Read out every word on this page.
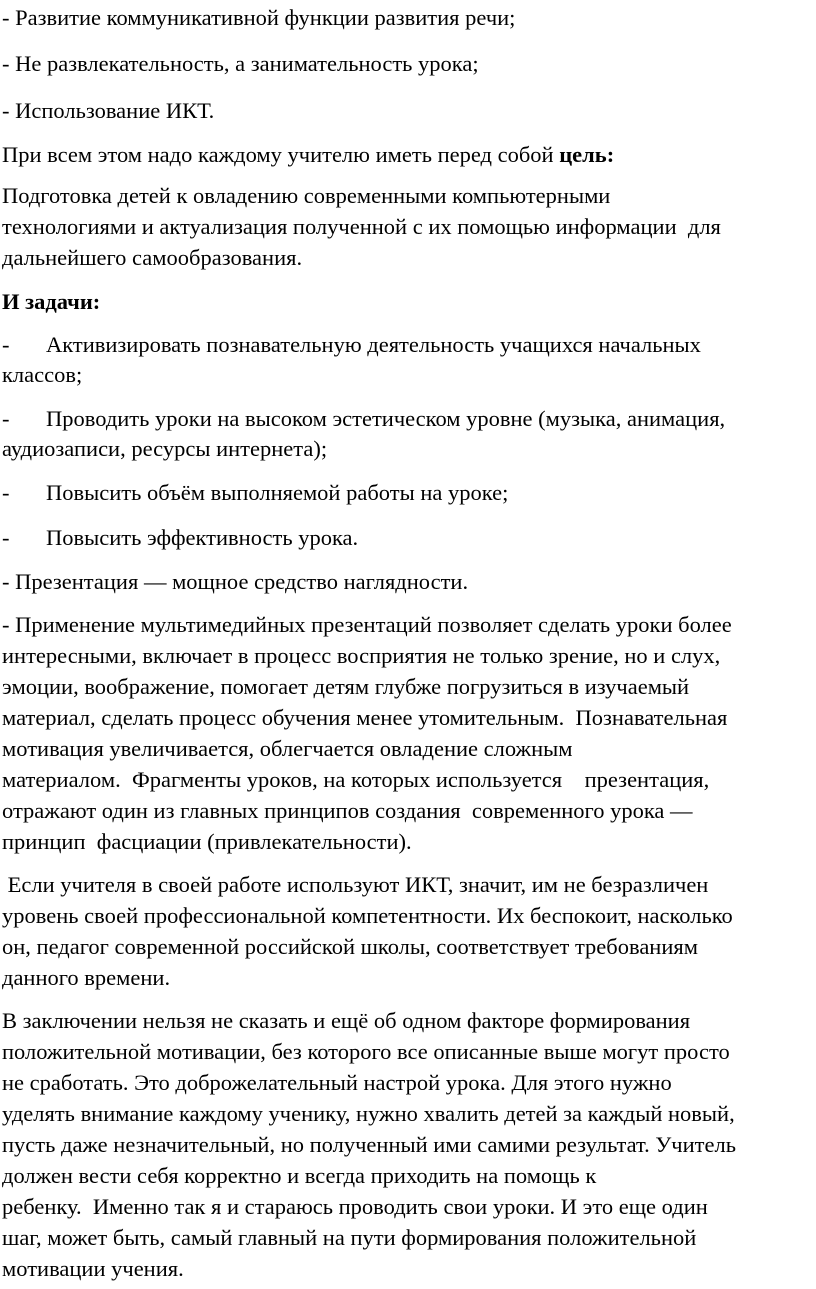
- Развитие коммуникативной функции развития речи;
- Не развлекательность, а занимательность урока;
- Использование ИКТ.
При всем этом надо каждому учителю иметь перед собой цель:
Подготовка детей к овладению современными компьютерными
технологиями и актуализация полученной с их помощью информации  для
дальнейшего самообразования.
И задачи:
- Активизировать познавательную деятельность учащихся начальных
классов;
- Проводить уроки на высоком эстетическом уровне (музыка, анимация,
аудиозаписи, ресурсы интернета);
- Повысить объём выполняемой работы на уроке;
- Повысить эффективность урока.
- Презентация — мощное средство наглядности.
- Применение мультимедийных презентаций позволяет сделать уроки более
интересными, включает в процесс восприятия не только зрение, но и слух,
эмоции, воображение, помогает детям глубже погрузиться в изучаемый
материал, сделать процесс обучения менее утомительным.  Познавательная
мотивация увеличивается, облегчается овладение сложным
материалом.  Фрагменты уроков, на которых используется    презентация,
отражают один из главных принципов создания  современного урока —
принцип  фасциации (привлекательности).
Если учителя в своей работе используют ИКТ, значит, им не безразличен
уровень своей профессиональной компетентности. Их беспокоит, насколько
он, педагог современной российской школы, соответствует требованиям
данного времени.
В заключении нельзя не сказать и ещё об одном факторе формирования
положительной мотивации, без которого все описанные выше могут просто
не сработать. Это доброжелательный настрой урока. Для этого нужно
уделять внимание каждому ученику, нужно хвалить детей за каждый новый,
пусть даже незначительный, но полученный ими самими результат. Учитель
должен вести себя корректно и всегда приходить на помощь к
ребенку.  Именно так я и стараюсь проводить свои уроки. И это еще один
шаг, может быть, самый главный на пути формирования положительной
мотивации учения.
